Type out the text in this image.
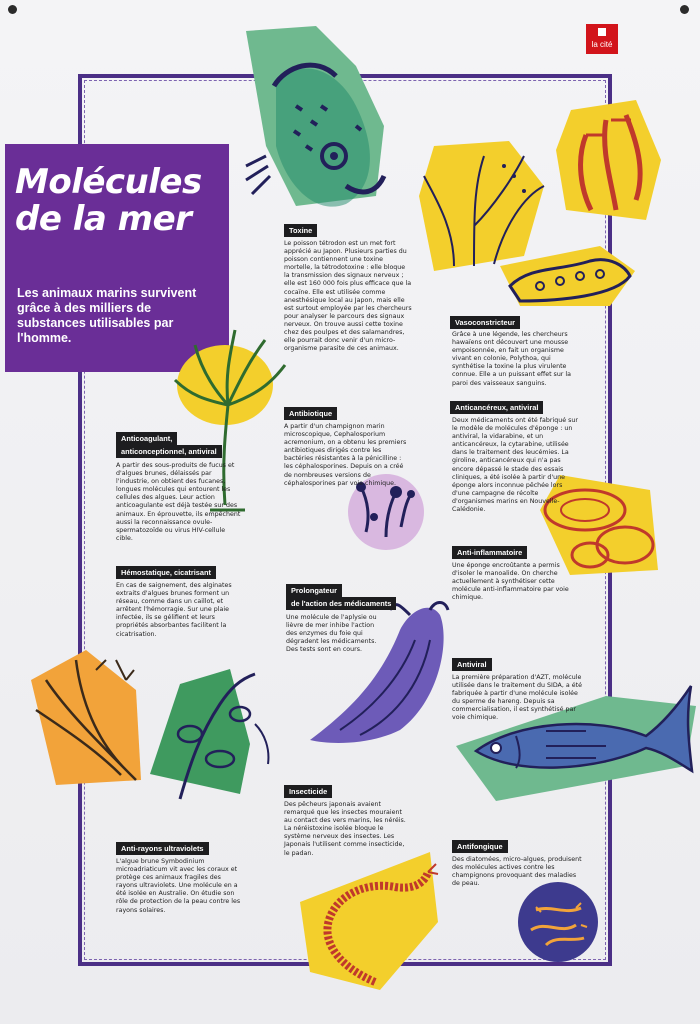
la cité
Molécules
de la mer
Les animaux marins survivent grâce à des milliers de substances utilisables par l'homme.
Toxine
Le poisson tétrodon est un met fort apprécié au Japon. Plusieurs parties du poisson contiennent une toxine mortelle, la tétrodotoxine : elle bloque la transmission des signaux nerveux ; elle est 160 000 fois plus efficace que la cocaïne. Elle est utilisée comme anesthésique local au Japon, mais elle est surtout employée par les chercheurs pour analyser le parcours des signaux nerveux. On trouve aussi cette toxine chez des poulpes et des salamandres, elle pourrait donc venir d'un micro-organisme parasite de ces animaux.
Vasoconstricteur
Grâce à une légende, les chercheurs hawaïens ont découvert une mousse empoisonnée, en fait un organisme vivant en colonie, Polythoa, qui synthétise la toxine la plus virulente connue. Elle a un puissant effet sur la paroi des vaisseaux sanguins.
Antibiotique
A partir d'un champignon marin microscopique, Cephalosporium acremonium, on a obtenu les premiers antibiotiques dirigés contre les bactéries résistantes à la pénicilline : les céphalosporines. Depuis on a créé de nombreuses versions de céphalosporines par voie chimique.
Anticancéreux, antiviral
Deux médicaments ont été fabriqué sur le modèle de molécules d'éponge : un antiviral, la vidarabine, et un anticancéreux, la cytarabine, utilisée dans le traitement des leucémies. La giroline, anticancéreux qui n'a pas encore dépassé le stade des essais cliniques, a été isolée à partir d'une éponge alors inconnue pêchée lors d'une campagne de récolte d'organismes marins en Nouvelle-Calédonie.
Anticoagulant,
anticonceptionnel, antiviral
A partir des sous-produits de fucus et d'algues brunes, délaissés par l'industrie, on obtient des fucanes, longues molécules qui entourent les cellules des algues. Leur action anticoagulante est déjà testée sur des animaux. En éprouvette, ils empêchent aussi la reconnaissance ovule-spermatozoïde ou virus HIV-cellule cible.
Anti-inflammatoire
Une éponge encroûtante a permis d'isoler le manoalide. On cherche actuellement à synthétiser cette molécule anti-inflammatoire par voie chimique.
Hémostatique, cicatrisant
En cas de saignement, des alginates extraits d'algues brunes forment un réseau, comme dans un caillot, et arrêtent l'hémorragie. Sur une plaie infectée, ils se gélifient et leurs propriétés absorbantes facilitent la cicatrisation.
Prolongateur
de l'action des médicaments
Une molécule de l'aplysie ou lièvre de mer inhibe l'action des enzymes du foie qui dégradent les médicaments. Des tests sont en cours.
Antiviral
La première préparation d'AZT, molécule utilisée dans le traitement du SIDA, a été fabriquée à partir d'une molécule isolée du sperme de hareng. Depuis sa commercialisation, il est synthétisé par voie chimique.
Insecticide
Des pêcheurs japonais avaient remarqué que les insectes mouraient au contact des vers marins, les néréis. La néréistoxine isolée bloque le système nerveux des insectes. Les Japonais l'utilisent comme insecticide, le padan.
Anti-rayons ultraviolets
L'algue brune Symbodinium microadriaticum vit avec les coraux et protège ces animaux fragiles des rayons ultraviolets. Une molécule en a été isolée en Australie. On étudie son rôle de protection de la peau contre les rayons solaires.
Antifongique
Des diatomées, micro-algues, produisent des molécules actives contre les champignons provoquant des maladies de peau.
